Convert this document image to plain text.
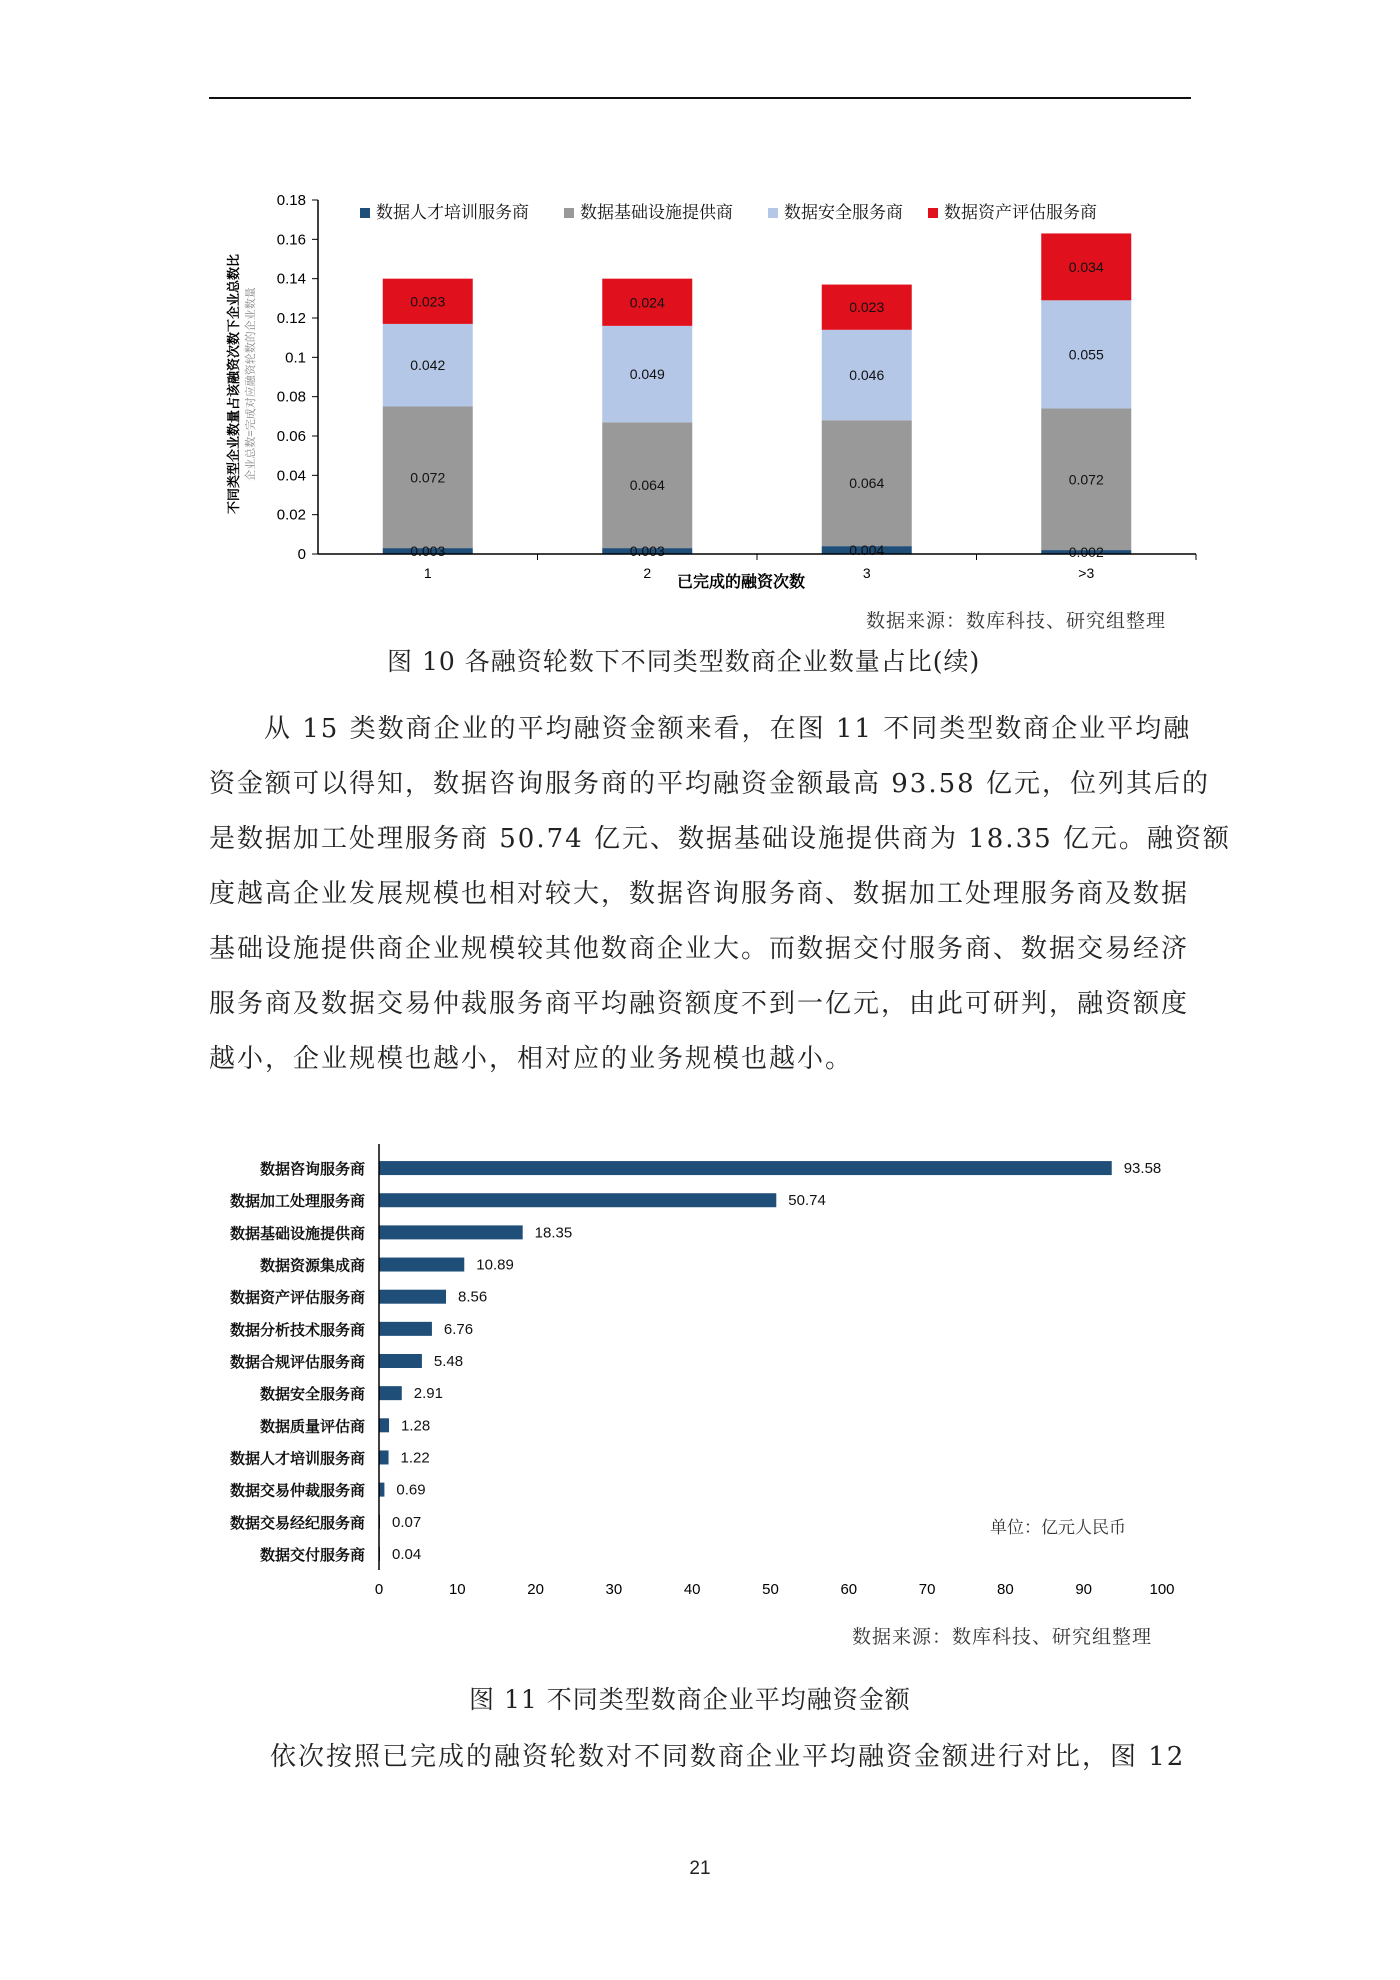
0.003
0.072
0.042
0.023
0.003
0.064
0.049
0.024
0.004
0.064
0.046
0.023
0.002
0.072
0.055
0.034
0
0.02
0.04
0.06
0.08
0.1
0.12
0.14
0.16
0.18
1	2	3	>3
数据人才培训服务商	数据基础设施提供商	数据安全服务商 数据资产评估服务商
已完成的融资次数
不同类型企业数量占该融资次数下企业总数比 企业总数=完成对应融资轮数的企业数量
数据来源：数库科技、研究组整理
图 10 各融资轮数下不同类型数商企业数量占比(续)
从 15 类数商企业的平均融资金额来看，在图 11 不同类型数商企业平均融
资金额可以得知，数据咨询服务商的平均融资金额最高 93.58 亿元，位列其后的
是数据加工处理服务商 50.74 亿元、数据基础设施提供商为 18.35 亿元。融资额
度越高企业发展规模也相对较大，数据咨询服务商、数据加工处理服务商及数据
基础设施提供商企业规模较其他数商企业大。而数据交付服务商、数据交易经济
服务商及数据交易仲裁服务商平均融资额度不到一亿元，由此可研判，融资额度
越小，企业规模也越小，相对应的业务规模也越小。
93.58
数据咨询服务商
50.74
数据加工处理服务商
18.35
数据基础设施提供商
10.89
数据资源集成商
8.56
数据资产评估服务商
6.76
数据分析技术服务商
5.48
数据合规评估服务商
2.91
数据安全服务商
1.28
数据质量评估商
1.22
数据人才培训服务商
0.69
数据交易仲裁服务商
0.07
数据交易经纪服务商
0.04
数据交付服务商
0	10	20	30	40	50	60	70	80	90	100
单位：亿元人民币
数据来源：数库科技、研究组整理
图 11 不同类型数商企业平均融资金额
依次按照已完成的融资轮数对不同数商企业平均融资金额进行对比，图 12
21
